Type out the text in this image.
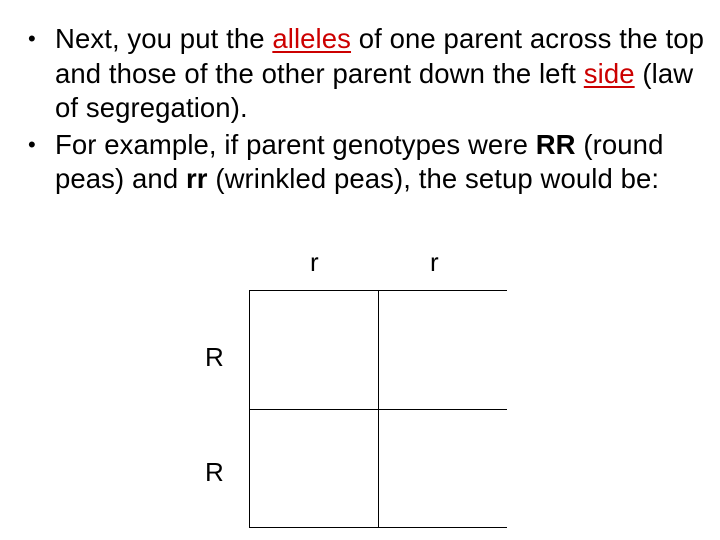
• Next, you put the alleles of one parent across the top and those of the other parent down the left side (law of segregation).
• For example, if parent genotypes were RR (round peas) and rr (wrinkled peas), the setup would be:
r	r
R
R
